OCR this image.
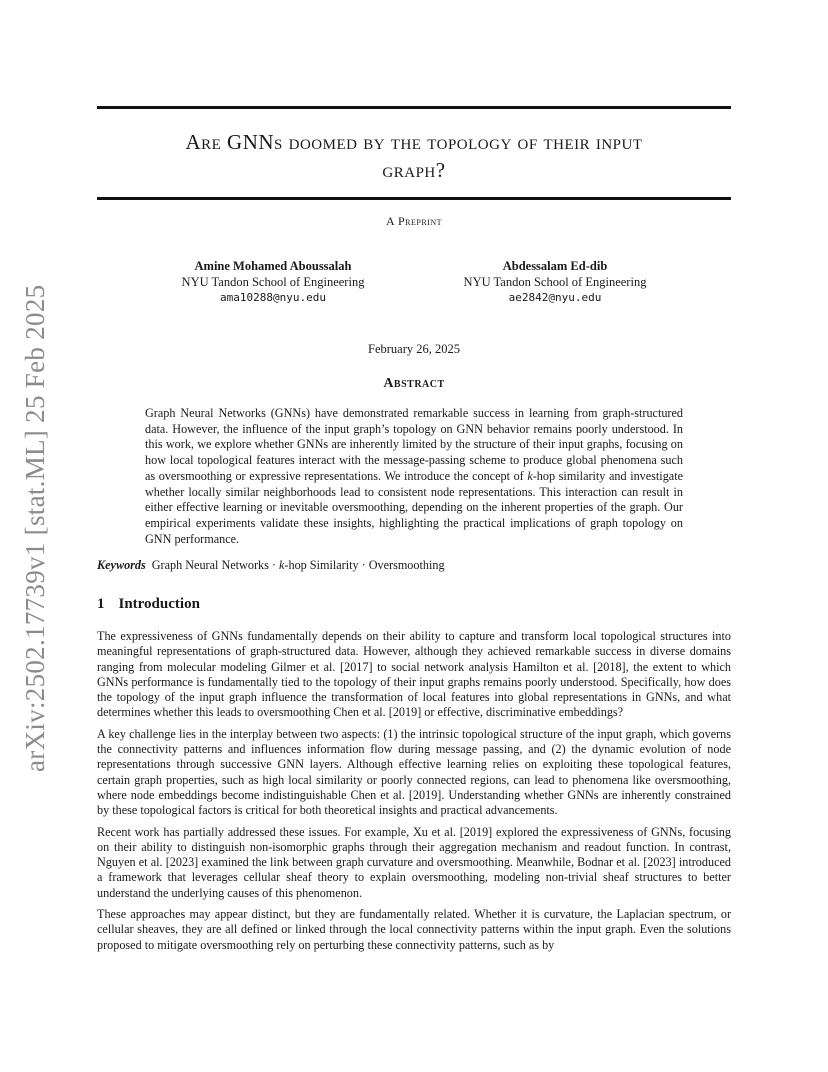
arXiv:2502.17739v1 [stat.ML] 25 Feb 2025
Are GNNs doomed by the topology of their input
graph?
A Preprint
Amine Mohamed Aboussalah
NYU Tandon School of Engineering
ama10288@nyu.edu
Abdessalam Ed-dib
NYU Tandon School of Engineering
ae2842@nyu.edu
February 26, 2025
Abstract
Graph Neural Networks (GNNs) have demonstrated remarkable success in learning from graph-structured data. However, the influence of the input graph’s topology on GNN behavior remains poorly understood. In this work, we explore whether GNNs are inherently limited by the structure of their input graphs, focusing on how local topological features interact with the message-passing scheme to produce global phenomena such as oversmoothing or expressive representations. We introduce the concept of k-hop similarity and investigate whether locally similar neighborhoods lead to consistent node representations. This interaction can result in either effective learning or inevitable oversmoothing, depending on the inherent properties of the graph. Our empirical experiments validate these insights, highlighting the practical implications of graph topology on GNN performance.
Keywords Graph Neural Networks · k-hop Similarity · Oversmoothing
1 Introduction

The expressiveness of GNNs fundamentally depends on their ability to capture and transform local topological structures into meaningful representations of graph-structured data. However, although they achieved remarkable success in diverse domains ranging from molecular modeling Gilmer et al. [2017] to social network analysis Hamilton et al. [2018], the extent to which GNNs performance is fundamentally tied to the topology of their input graphs remains poorly understood. Specifically, how does the topology of the input graph influence the transformation of local features into global representations in GNNs, and what determines whether this leads to oversmoothing Chen et al. [2019] or effective, discriminative embeddings?

A key challenge lies in the interplay between two aspects: (1) the intrinsic topological structure of the input graph, which governs the connectivity patterns and influences information flow during message passing, and (2) the dynamic evolution of node representations through successive GNN layers. Although effective learning relies on exploiting these topological features, certain graph properties, such as high local similarity or poorly connected regions, can lead to phenomena like oversmoothing, where node embeddings become indistinguishable Chen et al. [2019]. Understanding whether GNNs are inherently constrained by these topological factors is critical for both theoretical insights and practical advancements.

Recent work has partially addressed these issues. For example, Xu et al. [2019] explored the expressiveness of GNNs, focusing on their ability to distinguish non-isomorphic graphs through their aggregation mechanism and readout function. In contrast, Nguyen et al. [2023] examined the link between graph curvature and oversmoothing. Meanwhile, Bodnar et al. [2023] introduced a framework that leverages cellular sheaf theory to explain oversmoothing, modeling non-trivial sheaf structures to better understand the underlying causes of this phenomenon.

These approaches may appear distinct, but they are fundamentally related. Whether it is curvature, the Laplacian spectrum, or cellular sheaves, they are all defined or linked through the local connectivity patterns within the input graph. Even the solutions proposed to mitigate oversmoothing rely on perturbing these connectivity patterns, such as by
